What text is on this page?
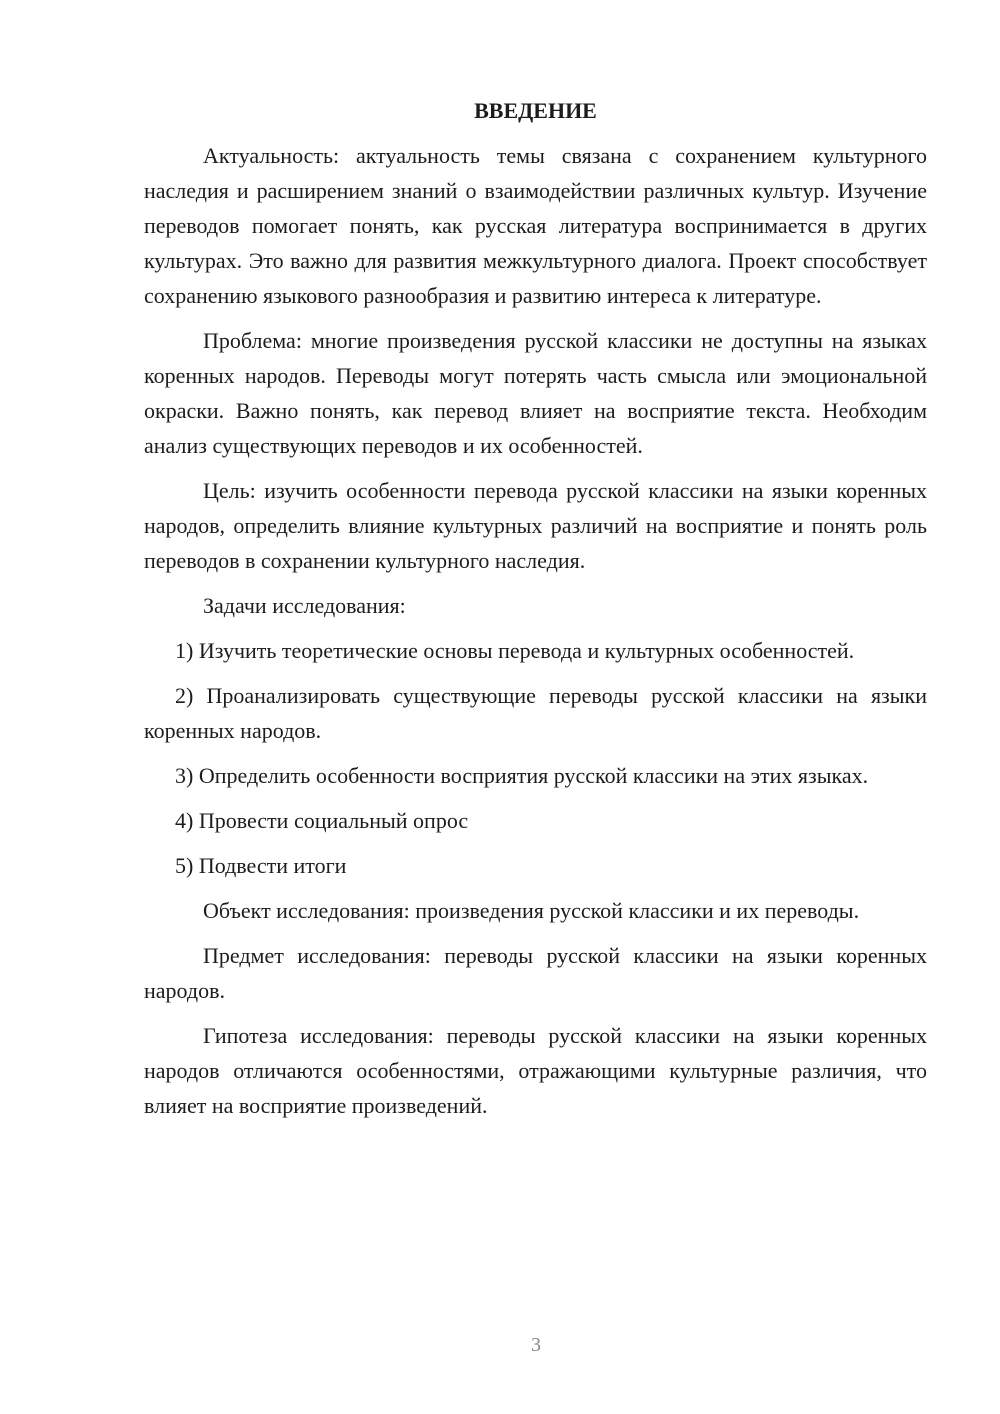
ВВЕДЕНИЕ

Актуальность: актуальность темы связана с сохранением культурного наследия и расширением знаний о взаимодействии различных культур. Изучение переводов помогает понять, как русская литература воспринимается в других культурах. Это важно для развития межкультурного диалога. Проект способствует сохранению языкового разнообразия и развитию интереса к литературе.

Проблема: многие произведения русской классики не доступны на языках коренных народов. Переводы могут потерять часть смысла или эмоциональной окраски. Важно понять, как перевод влияет на восприятие текста. Необходим анализ существующих переводов и их особенностей.

Цель: изучить особенности перевода русской классики на языки коренных народов, определить влияние культурных различий на восприятие и понять роль переводов в сохранении культурного наследия.

Задачи исследования:

1) Изучить теоретические основы перевода и культурных особенностей.

2) Проанализировать существующие переводы русской классики на языки коренных народов.

3) Определить особенности восприятия русской классики на этих языках.

4) Провести социальный опрос

5) Подвести итоги

Объект исследования: произведения русской классики и их переводы.

Предмет исследования: переводы русской классики на языки коренных народов.

Гипотеза исследования: переводы русской классики на языки коренных народов отличаются особенностями, отражающими культурные различия, что влияет на восприятие произведений.

3
